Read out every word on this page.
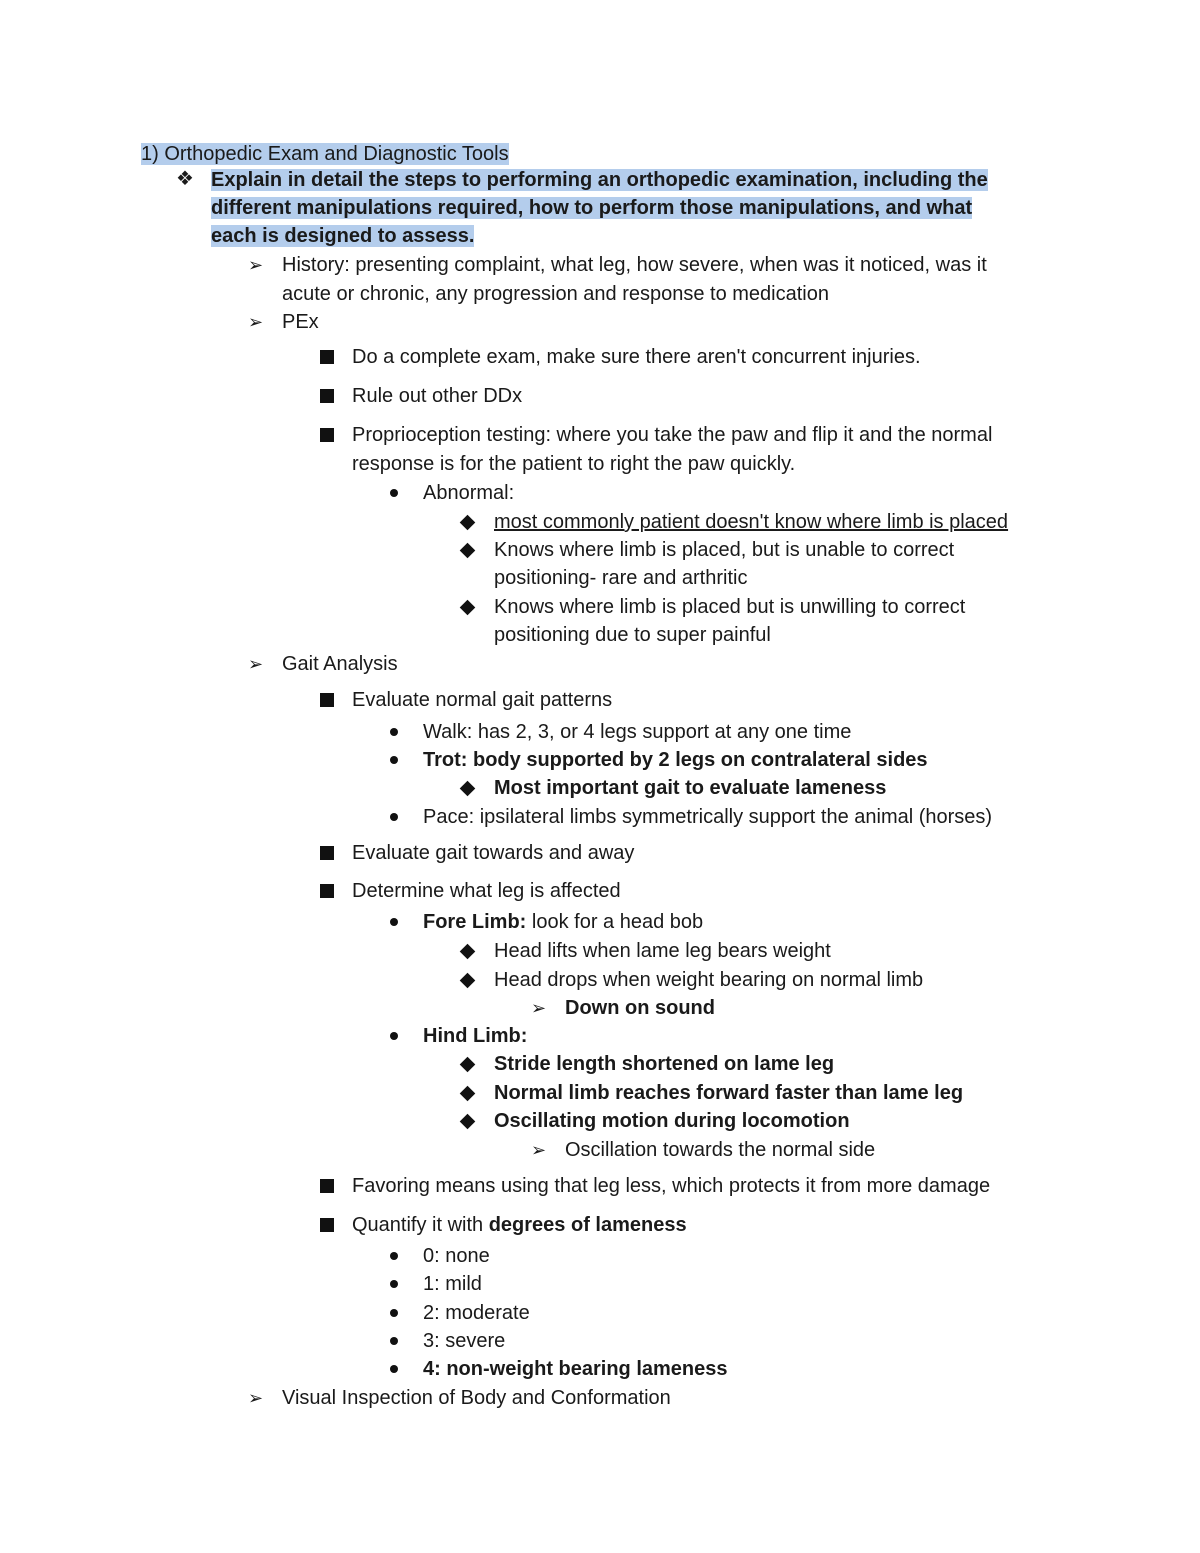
1) Orthopedic Exam and Diagnostic Tools
❖ Explain in detail the steps to performing an orthopedic examination, including the
different manipulations required, how to perform those manipulations, and what
each is designed to assess.
➢ History: presenting complaint, what leg, how severe, when was it noticed, was it
acute or chronic, any progression and response to medication
➢ PEx
Do a complete exam, make sure there aren't concurrent injuries.
Rule out other DDx
Proprioception testing: where you take the paw and flip it and the normal
response is for the patient to right the paw quickly.
Abnormal:
most commonly patient doesn't know where limb is placed
Knows where limb is placed, but is unable to correct
positioning- rare and arthritic
Knows where limb is placed but is unwilling to correct
positioning due to super painful
➢ Gait Analysis
Evaluate normal gait patterns
Walk: has 2, 3, or 4 legs support at any one time
Trot: body supported by 2 legs on contralateral sides
Most important gait to evaluate lameness
Pace: ipsilateral limbs symmetrically support the animal (horses)
Evaluate gait towards and away
Determine what leg is affected
Fore Limb: look for a head bob
Head lifts when lame leg bears weight
Head drops when weight bearing on normal limb
➢ Down on sound
Hind Limb:
Stride length shortened on lame leg
Normal limb reaches forward faster than lame leg
Oscillating motion during locomotion
➢ Oscillation towards the normal side
Favoring means using that leg less, which protects it from more damage
Quantify it with degrees of lameness
0: none
1: mild
2: moderate
3: severe
4: non-weight bearing lameness
➢ Visual Inspection of Body and Conformation
